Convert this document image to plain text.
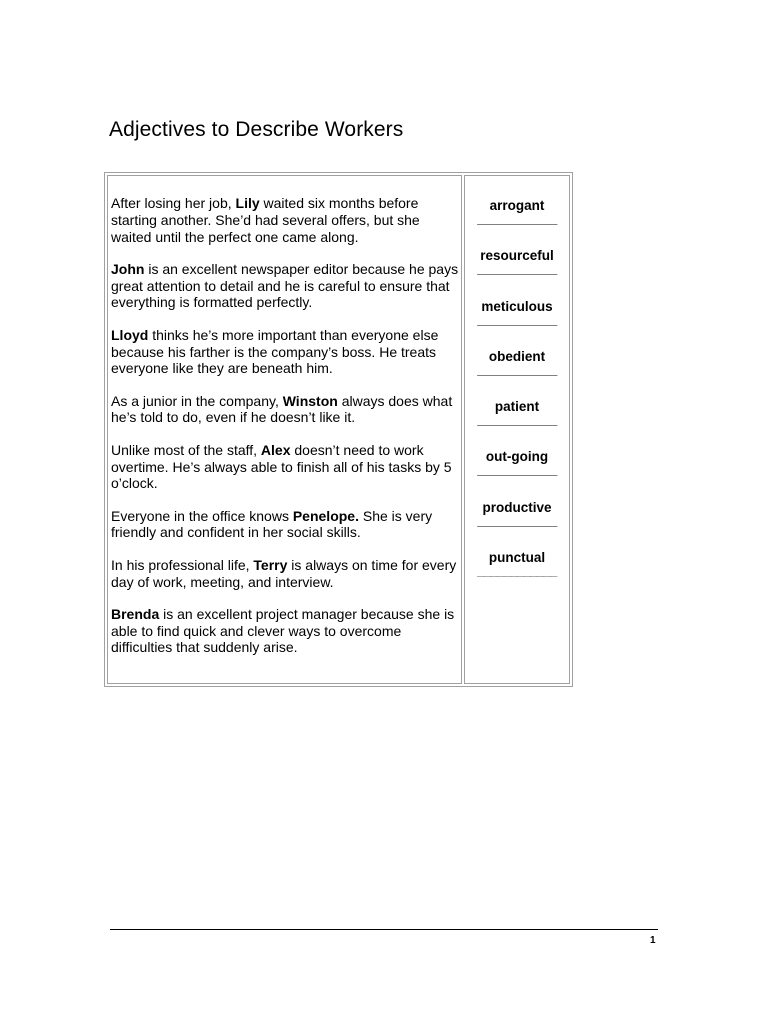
Adjectives to Describe Workers

After losing her job, Lily waited six months before starting another. She’d had several offers, but she waited until the perfect one came along.

John is an excellent newspaper editor because he pays great attention to detail and he is careful to ensure that everything is formatted perfectly.

Lloyd thinks he’s more important than everyone else because his farther is the company’s boss. He treats everyone like they are beneath him.

As a junior in the company, Winston always does what he’s told to do, even if he doesn’t like it.

Unlike most of the staff, Alex doesn’t need to work overtime. He’s always able to finish all of his tasks by 5 o’clock.

Everyone in the office knows Penelope. She is very friendly and confident in her social skills.

In his professional life, Terry is always on time for every day of work, meeting, and interview.

Brenda is an excellent project manager because she is able to find quick and clever ways to overcome difficulties that suddenly arise.

arrogant
____________
resourceful
____________
meticulous
____________
obedient
____________
patient
____________
out-going
____________
productive
____________
punctual
____________
1
